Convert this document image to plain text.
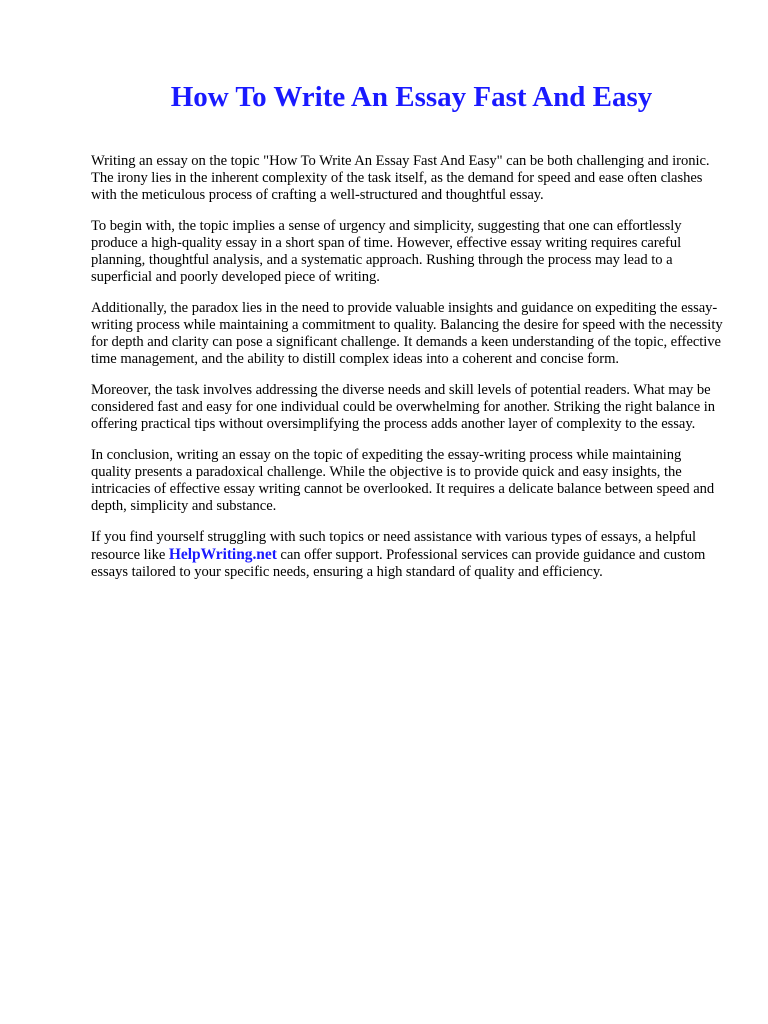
How To Write An Essay Fast And Easy

Writing an essay on the topic "How To Write An Essay Fast And Easy" can be both challenging and ironic. The irony lies in the inherent complexity of the task itself, as the demand for speed and ease often clashes with the meticulous process of crafting a well-structured and thoughtful essay.

To begin with, the topic implies a sense of urgency and simplicity, suggesting that one can effortlessly produce a high-quality essay in a short span of time. However, effective essay writing requires careful planning, thoughtful analysis, and a systematic approach. Rushing through the process may lead to a superficial and poorly developed piece of writing.

Additionally, the paradox lies in the need to provide valuable insights and guidance on expediting the essay-writing process while maintaining a commitment to quality. Balancing the desire for speed with the necessity for depth and clarity can pose a significant challenge. It demands a keen understanding of the topic, effective time management, and the ability to distill complex ideas into a coherent and concise form.

Moreover, the task involves addressing the diverse needs and skill levels of potential readers. What may be considered fast and easy for one individual could be overwhelming for another. Striking the right balance in offering practical tips without oversimplifying the process adds another layer of complexity to the essay.

In conclusion, writing an essay on the topic of expediting the essay-writing process while maintaining quality presents a paradoxical challenge. While the objective is to provide quick and easy insights, the intricacies of effective essay writing cannot be overlooked. It requires a delicate balance between speed and depth, simplicity and substance.

If you find yourself struggling with such topics or need assistance with various types of essays, a helpful resource like HelpWriting.net can offer support. Professional services can provide guidance and custom essays tailored to your specific needs, ensuring a high standard of quality and efficiency.
